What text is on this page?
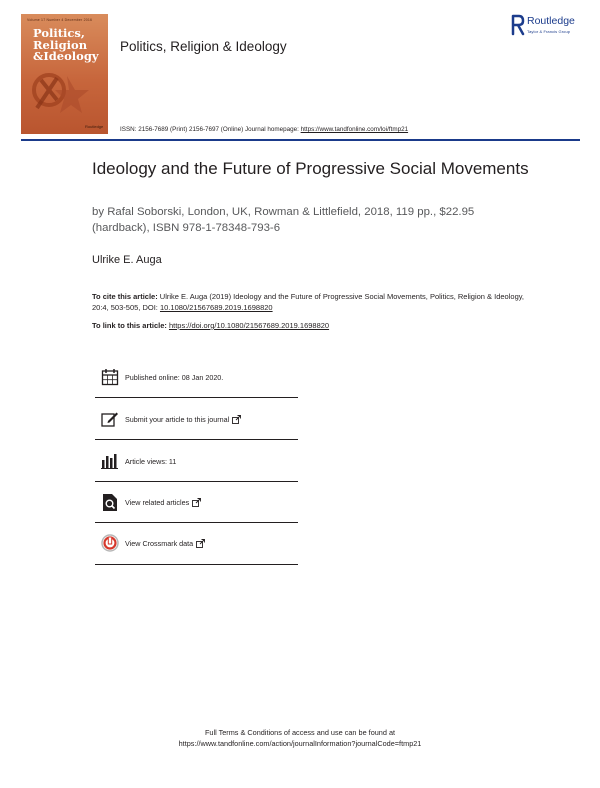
Volume 17 Number 4 December 2016
Politics,
Religion
&Ideology
Routledge
Politics, Religion & Ideology
Routledge
Taylor & Francis Group
ISSN: 2156-7689 (Print) 2156-7697 (Online) Journal homepage: https://www.tandfonline.com/loi/ftmp21
Ideology and the Future of Progressive Social Movements
by Rafal Soborski, London, UK, Rowman & Littlefield, 2018, 119 pp., $22.95 (hardback), ISBN 978-1-78348-793-6
Ulrike E. Auga
To cite this article: Ulrike E. Auga (2019) Ideology and the Future of Progressive Social Movements, Politics, Religion & Ideology, 20:4, 503-505, DOI: 10.1080/21567689.2019.1698820
To link to this article: https://doi.org/10.1080/21567689.2019.1698820
Published online: 08 Jan 2020.
Submit your article to this journal
Article views: 11
View related articles
View Crossmark data
Full Terms & Conditions of access and use can be found at
https://www.tandfonline.com/action/journalInformation?journalCode=ftmp21
